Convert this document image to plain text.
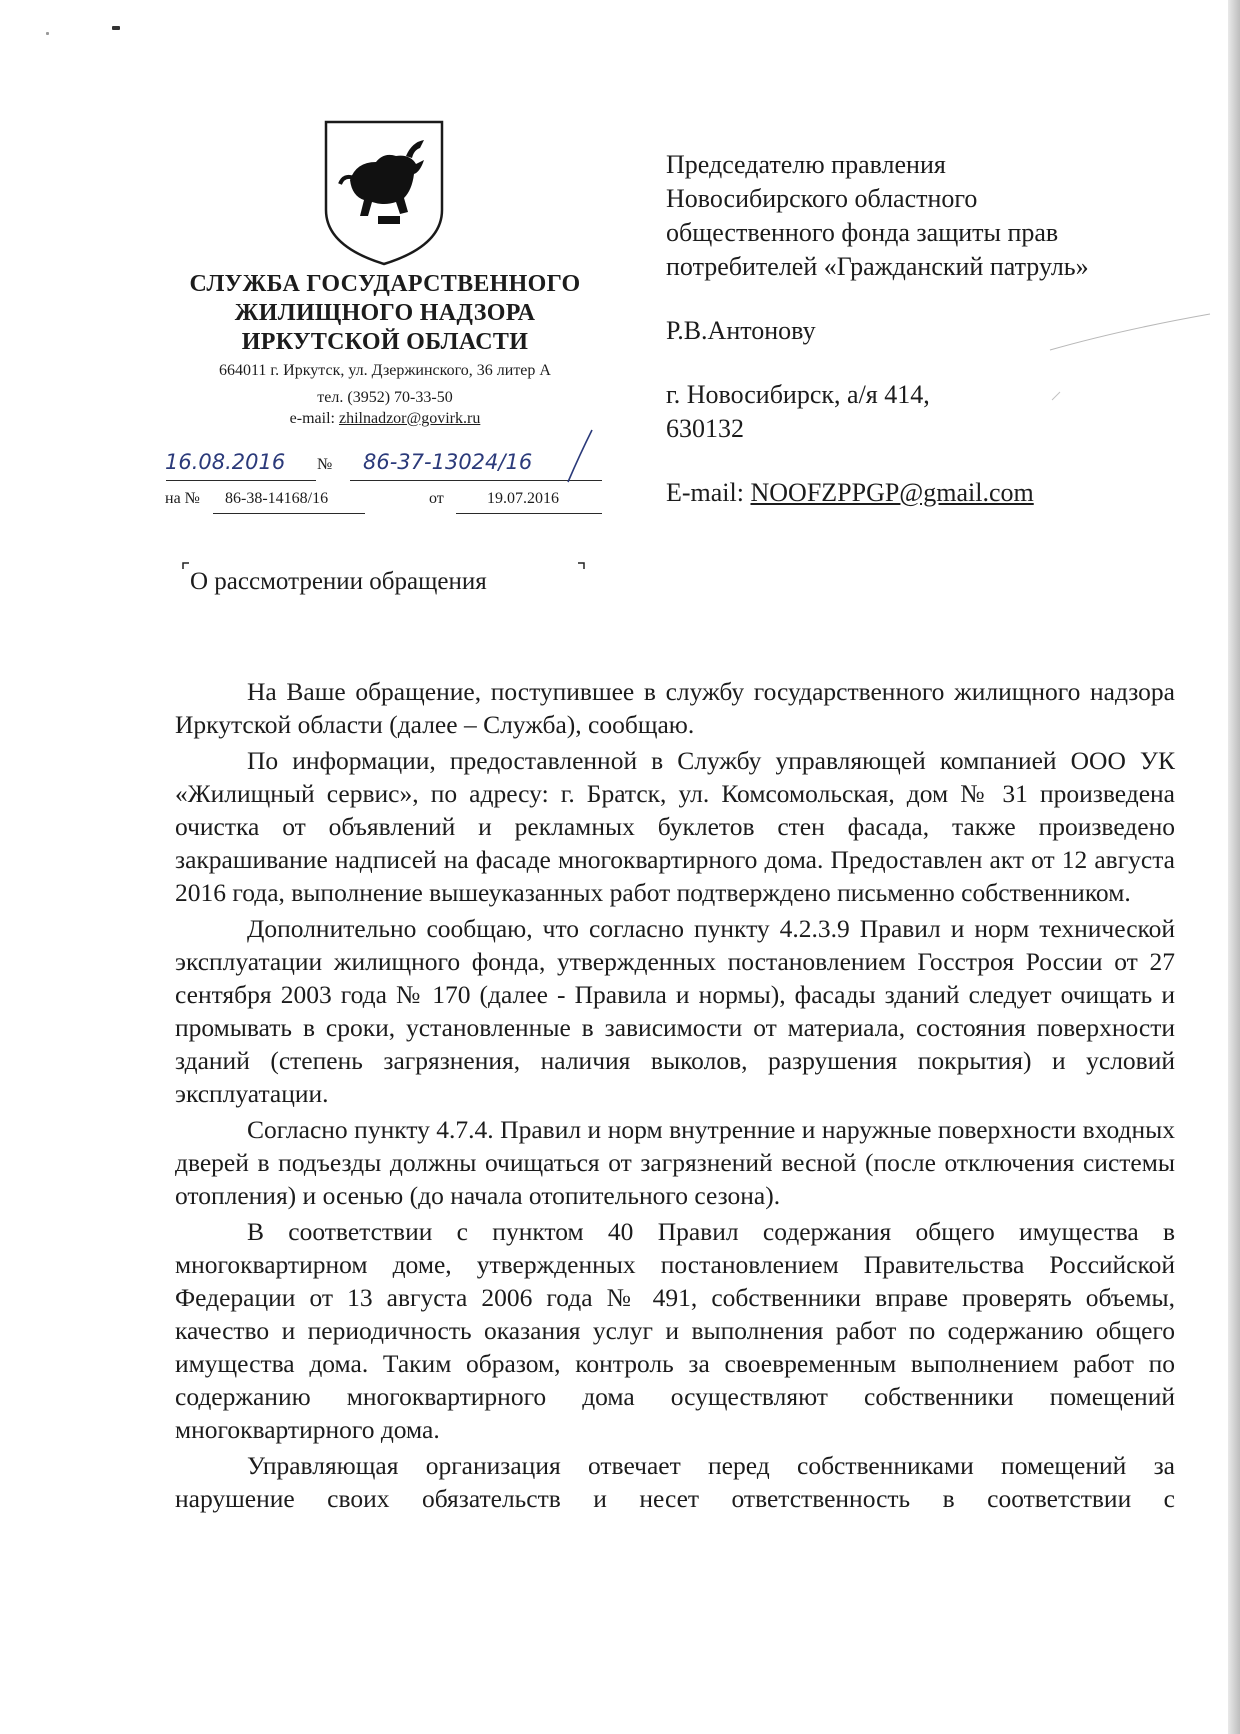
СЛУЖБА ГОСУДАРСТВЕННОГО
ЖИЛИЩНОГО НАДЗОРА
ИРКУТСКОЙ ОБЛАСТИ
664011 г. Иркутск, ул. Дзержинского, 36 литер А
тел. (3952) 70-33-50
e-mail: zhilnadzor@govirk.ru
16.08.2016 № 86-37-13024/16
на № 86-38-14168/16	от	19.07.2016

Председателю правления

Новосибирского областного

общественного фонда защиты прав

потребителей «Гражданский патруль»

Р.В.Антонову

г. Новосибирск, а/я 414,

630132

E-mail: NOOFZPPGP@gmail.com

О рассмотрении обращения

На Ваше обращение, поступившее в службу государственного жилищного надзора Иркутской области (далее – Служба), сообщаю.

По информации, предоставленной в Службу управляющей компанией ООО УК «Жилищный сервис», по адресу: г. Братск, ул. Комсомольская, дом № 31 произведена очистка от объявлений и рекламных буклетов стен фасада, также произведено закрашивание надписей на фасаде многоквартирного дома. Предоставлен акт от 12 августа 2016 года, выполнение вышеуказанных работ подтверждено письменно собственником.

Дополнительно сообщаю, что согласно пункту 4.2.3.9 Правил и норм технической эксплуатации жилищного фонда, утвержденных постановлением Госстроя России от 27 сентября 2003 года № 170 (далее - Правила и нормы), фасады зданий следует очищать и промывать в сроки, установленные в зависимости от материала, состояния поверхности зданий (степень загрязнения, наличия выколов, разрушения покрытия) и условий эксплуатации.

Согласно пункту 4.7.4. Правил и норм внутренние и наружные поверхности входных дверей в подъезды должны очищаться от загрязнений весной (после отключения системы отопления) и осенью (до начала отопительного сезона).

В соответствии с пунктом 40 Правил содержания общего имущества в многоквартирном доме, утвержденных постановлением Правительства Российской Федерации от 13 августа 2006 года № 491, собственники вправе проверять объемы, качество и периодичность оказания услуг и выполнения работ по содержанию общего имущества дома. Таким образом, контроль за своевременным выполнением работ по содержанию многоквартирного дома осуществляют собственники помещений многоквартирного дома.

Управляющая организация отвечает перед собственниками помещений за нарушение своих обязательств и несет ответственность в соответствии с
